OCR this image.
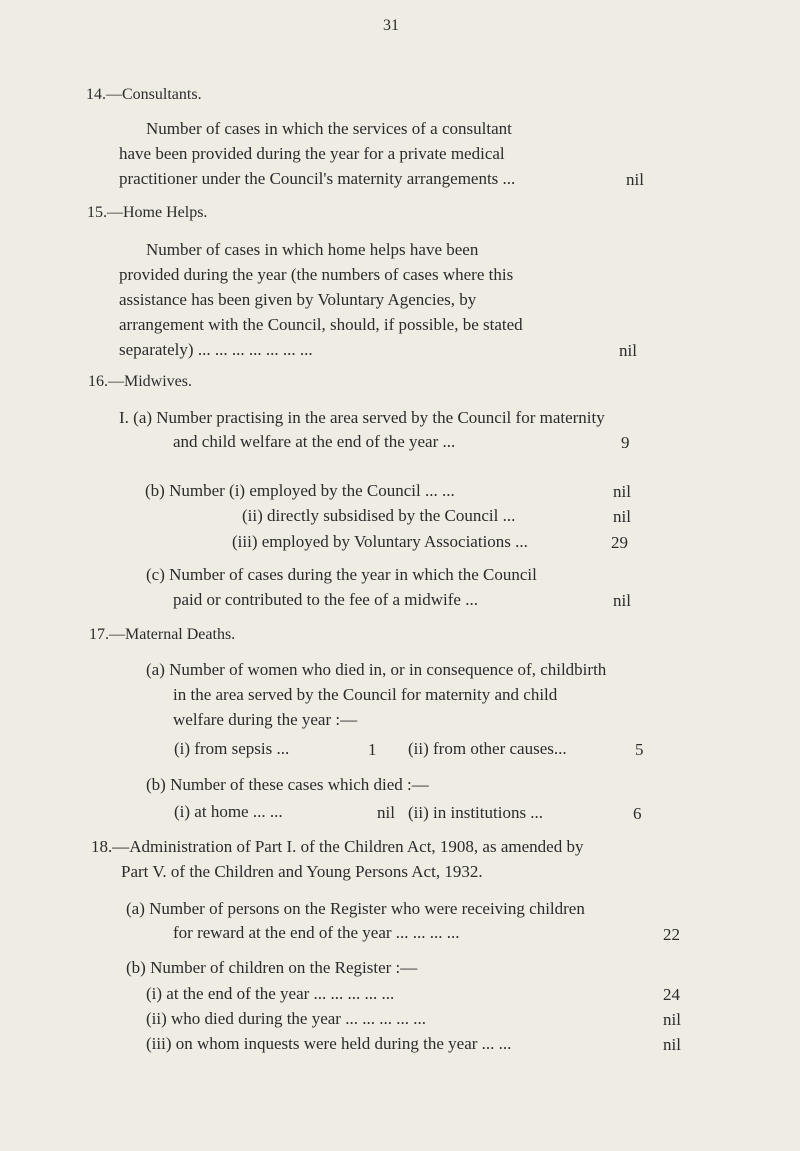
31
14.—Consultants.
Number of cases in which the services of a consultant
have been provided during the year for a private medical
practitioner under the Council's maternity arrangements ...	nil
15.—Home Helps.
Number of cases in which home helps have been
provided during the year (the numbers of cases where this
assistance has been given by Voluntary Agencies, by
arrangement with the Council, should, if possible, be stated
separately) ... ... ... ... ... ... ...	nil
16.—Midwives.
I. (a) Number practising in the area served by the Council for maternity
and child welfare at the end of the year ...	9
(b) Number (i) employed by the Council ... ...	nil
(ii) directly subsidised by the Council ...	nil
(iii) employed by Voluntary Associations ...	29
(c) Number of cases during the year in which the Council
paid or contributed to the fee of a midwife ...	nil
17.—Maternal Deaths.
(a) Number of women who died in, or in consequence of, childbirth
in the area served by the Council for maternity and child
welfare during the year :—
(i) from sepsis ...	1 (ii) from other causes...	5
(b) Number of these cases which died :—
(i) at home ... ...	nil (ii) in institutions ...	6
18.—Administration of Part I. of the Children Act, 1908, as amended by
Part V. of the Children and Young Persons Act, 1932.
(a) Number of persons on the Register who were receiving children
for reward at the end of the year ... ... ... ...	22
(b) Number of children on the Register :—
(i) at the end of the year ... ... ... ... ...	24
(ii) who died during the year ... ... ... ... ...	nil
(iii) on whom inquests were held during the year ... ...	nil
